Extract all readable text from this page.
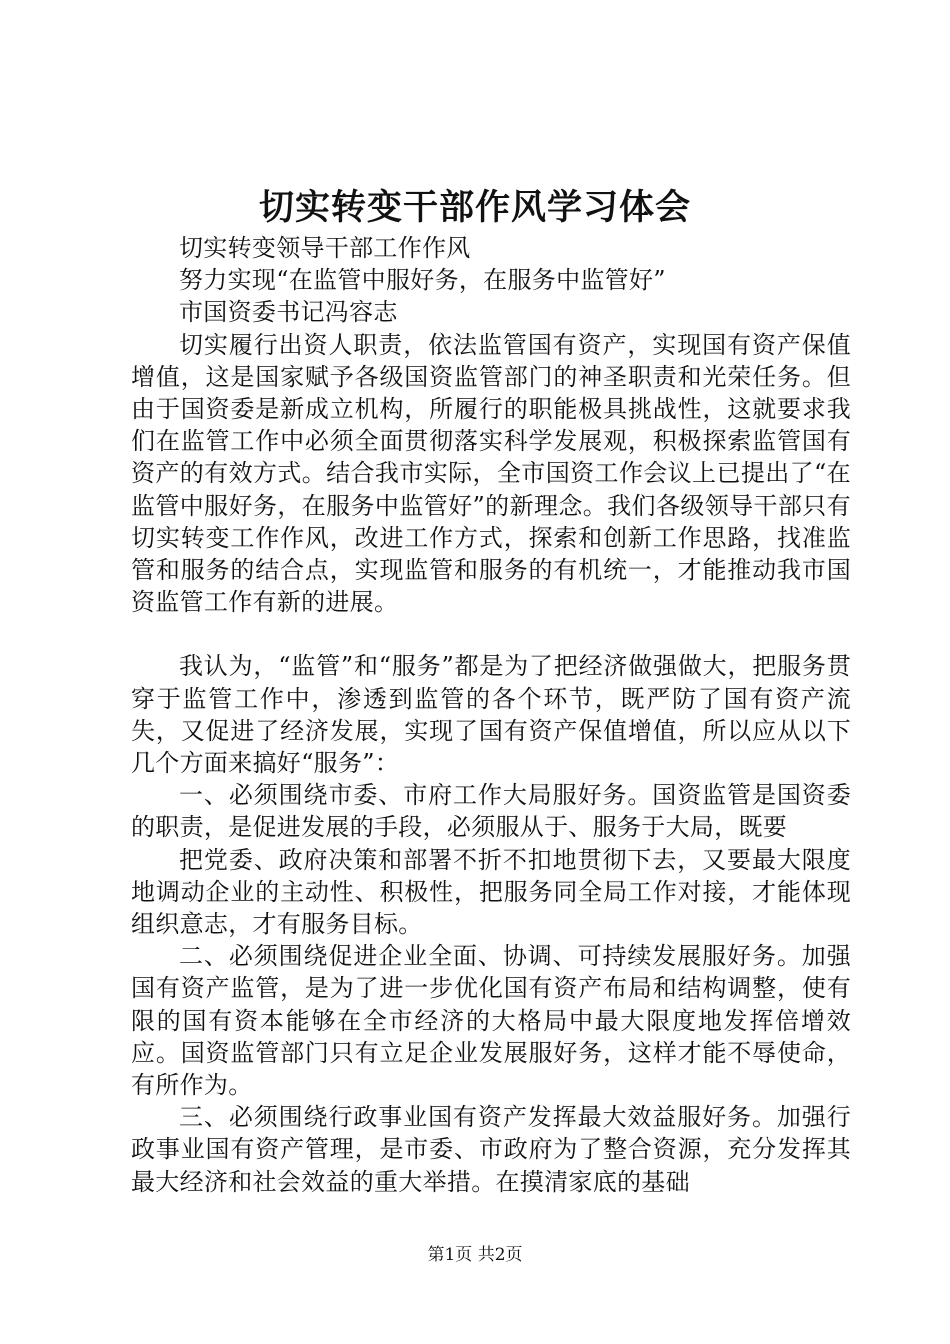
切实转变干部作风学习体会

切实转变领导干部工作作风

努力实现“在监管中服好务，在服务中监管好”

市国资委书记冯容志

切实履行出资人职责，依法监管国有资产，实现国有资产保值增值，这是国家赋予各级国资监管部门的神圣职责和光荣任务。但由于国资委是新成立机构，所履行的职能极具挑战性，这就要求我们在监管工作中必须全面贯彻落实科学发展观，积极探索监管国有资产的有效方式。结合我市实际，全市国资工作会议上已提出了“在监管中服好务，在服务中监管好”的新理念。我们各级领导干部只有切实转变工作作风，改进工作方式，探索和创新工作思路，找准监管和服务的结合点，实现监管和服务的有机统一，才能推动我市国资监管工作有新的进展。

我认为，“监管”和“服务”都是为了把经济做强做大，把服务贯穿于监管工作中，渗透到监管的各个环节，既严防了国有资产流失，又促进了经济发展，实现了国有资产保值增值，所以应从以下几个方面来搞好“服务”：

一、必须围绕市委、市府工作大局服好务。国资监管是国资委的职责，是促进发展的手段，必须服从于、服务于大局，既要

把党委、政府决策和部署不折不扣地贯彻下去，又要最大限度地调动企业的主动性、积极性，把服务同全局工作对接，才能体现组织意志，才有服务目标。

二、必须围绕促进企业全面、协调、可持续发展服好务。加强国有资产监管，是为了进一步优化国有资产布局和结构调整，使有限的国有资本能够在全市经济的大格局中最大限度地发挥倍增效应。国资监管部门只有立足企业发展服好务，这样才能不辱使命，有所作为。

三、必须围绕行政事业国有资产发挥最大效益服好务。加强行政事业国有资产管理，是市委、市政府为了整合资源，充分发挥其最大经济和社会效益的重大举措。在摸清家底的基础

第1页 共2页
